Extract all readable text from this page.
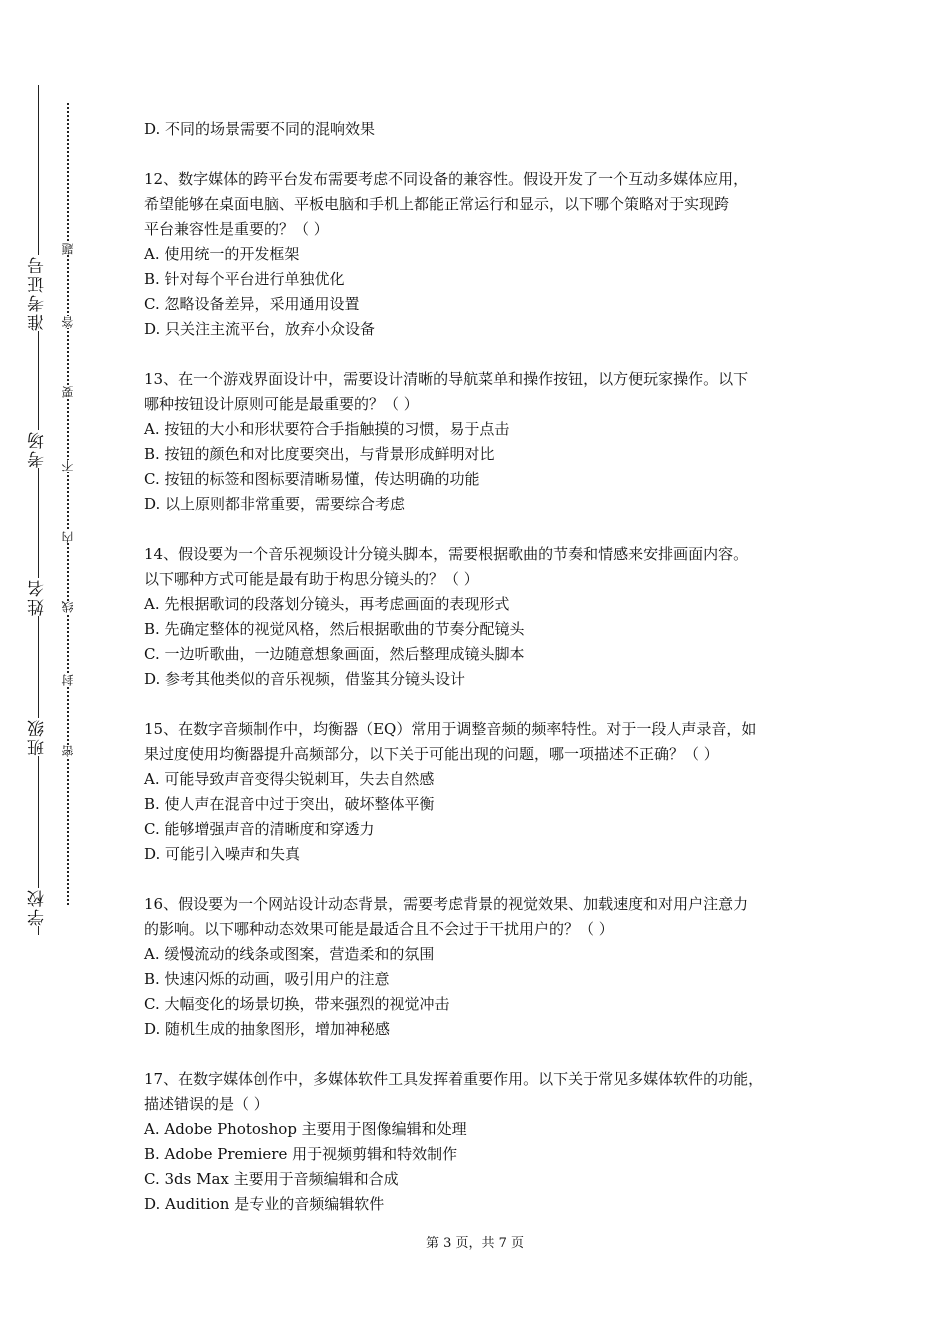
准考证号
考场
姓名
班级
学校
题
答
要
不
内
线
封
密
D. 不同的场景需要不同的混响效果
12、数字媒体的跨平台发布需要考虑不同设备的兼容性。假设开发了一个互动多媒体应用，
希望能够在桌面电脑、平板电脑和手机上都能正常运行和显示，以下哪个策略对于实现跨
平台兼容性是重要的？（ ）
A. 使用统一的开发框架
B. 针对每个平台进行单独优化
C. 忽略设备差异，采用通用设置
D. 只关注主流平台，放弃小众设备
13、在一个游戏界面设计中，需要设计清晰的导航菜单和操作按钮，以方便玩家操作。以下
哪种按钮设计原则可能是最重要的？（ ）
A. 按钮的大小和形状要符合手指触摸的习惯，易于点击
B. 按钮的颜色和对比度要突出，与背景形成鲜明对比
C. 按钮的标签和图标要清晰易懂，传达明确的功能
D. 以上原则都非常重要，需要综合考虑
14、假设要为一个音乐视频设计分镜头脚本，需要根据歌曲的节奏和情感来安排画面内容。
以下哪种方式可能是最有助于构思分镜头的？（ ）
A. 先根据歌词的段落划分镜头，再考虑画面的表现形式
B. 先确定整体的视觉风格，然后根据歌曲的节奏分配镜头
C. 一边听歌曲，一边随意想象画面，然后整理成镜头脚本
D. 参考其他类似的音乐视频，借鉴其分镜头设计
15、在数字音频制作中，均衡器（EQ）常用于调整音频的频率特性。对于一段人声录音，如
果过度使用均衡器提升高频部分，以下关于可能出现的问题，哪一项描述不正确？（ ）
A. 可能导致声音变得尖锐刺耳，失去自然感
B. 使人声在混音中过于突出，破坏整体平衡
C. 能够增强声音的清晰度和穿透力
D. 可能引入噪声和失真
16、假设要为一个网站设计动态背景，需要考虑背景的视觉效果、加载速度和对用户注意力
的影响。以下哪种动态效果可能是最适合且不会过于干扰用户的？（ ）
A. 缓慢流动的线条或图案，营造柔和的氛围
B. 快速闪烁的动画，吸引用户的注意
C. 大幅变化的场景切换，带来强烈的视觉冲击
D. 随机生成的抽象图形，增加神秘感
17、在数字媒体创作中，多媒体软件工具发挥着重要作用。以下关于常见多媒体软件的功能，
描述错误的是（ ）
A. Adobe Photoshop 主要用于图像编辑和处理
B. Adobe Premiere 用于视频剪辑和特效制作
C. 3ds Max 主要用于音频编辑和合成
D. Audition 是专业的音频编辑软件
第 3 页，共 7 页
